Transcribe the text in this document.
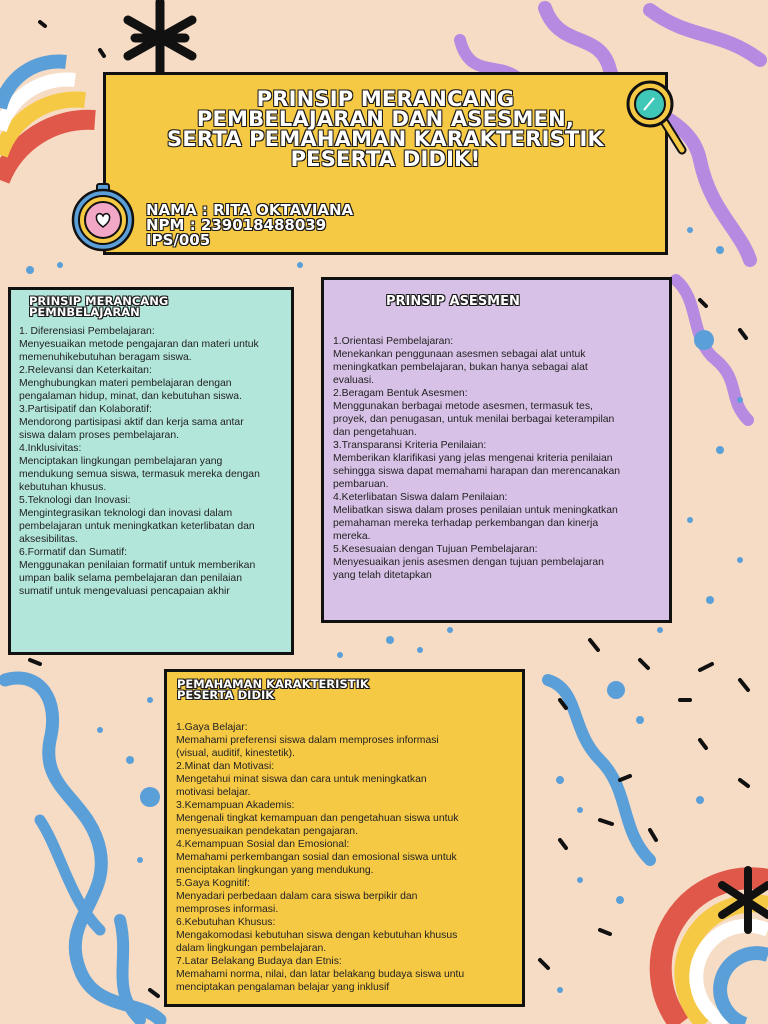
PRINSIP MERANCANG
PEMBELAJARAN DAN ASESMEN,
SERTA PEMAHAMAN KARAKTERISTIK
PESERTA DIDIK!
NAMA : RITA OKTAVIANA
NPM : 239018488039
IPS/005
PRINSIP MERANCANG
PEMNBELAJARAN
1. Diferensiasi Pembelajaran:
Menyesuaikan metode pengajaran dan materi untuk
memenuhikebutuhan beragam siswa.
2.Relevansi dan Keterkaitan:
Menghubungkan materi pembelajaran dengan
pengalaman hidup, minat, dan kebutuhan siswa.
3.Partisipatif dan Kolaboratif:
Mendorong partisipasi aktif dan kerja sama antar
siswa dalam proses pembelajaran.
4.Inklusivitas:
Menciptakan lingkungan pembelajaran yang
mendukung semua siswa, termasuk mereka dengan
kebutuhan khusus.
5.Teknologi dan Inovasi:
Mengintegrasikan teknologi dan inovasi dalam
pembelajaran untuk meningkatkan keterlibatan dan
aksesibilitas.
6.Formatif dan Sumatif:
Menggunakan penilaian formatif untuk memberikan
umpan balik selama pembelajaran dan penilaian
sumatif untuk mengevaluasi pencapaian akhir
PRINSIP ASESMEN
1.Orientasi Pembelajaran:
Menekankan penggunaan asesmen sebagai alat untuk
meningkatkan pembelajaran, bukan hanya sebagai alat
evaluasi.
2.Beragam Bentuk Asesmen:
Menggunakan berbagai metode asesmen, termasuk tes,
proyek, dan penugasan, untuk menilai berbagai keterampilan
dan pengetahuan.
3.Transparansi Kriteria Penilaian:
Memberikan klarifikasi yang jelas mengenai kriteria penilaian
sehingga siswa dapat memahami harapan dan merencanakan
pembaruan.
4.Keterlibatan Siswa dalam Penilaian:
Melibatkan siswa dalam proses penilaian untuk meningkatkan
pemahaman mereka terhadap perkembangan dan kinerja
mereka.
5.Kesesuaian dengan Tujuan Pembelajaran:
Menyesuaikan jenis asesmen dengan tujuan pembelajaran
yang telah ditetapkan
PEMAHAMAN KARAKTERISTIK
PESERTA DIDIK
1.Gaya Belajar:
Memahami preferensi siswa dalam memproses informasi
(visual, auditif, kinestetik).
2.Minat dan Motivasi:
Mengetahui minat siswa dan cara untuk meningkatkan
motivasi belajar.
3.Kemampuan Akademis:
Mengenali tingkat kemampuan dan pengetahuan siswa untuk
menyesuaikan pendekatan pengajaran.
4.Kemampuan Sosial dan Emosional:
Memahami perkembangan sosial dan emosional siswa untuk
menciptakan lingkungan yang mendukung.
5.Gaya Kognitif:
Menyadari perbedaan dalam cara siswa berpikir dan
memproses informasi.
6.Kebutuhan Khusus:
Mengakomodasi kebutuhan siswa dengan kebutuhan khusus
dalam lingkungan pembelajaran.
7.Latar Belakang Budaya dan Etnis:
Memahami norma, nilai, dan latar belakang budaya siswa untu
menciptakan pengalaman belajar yang inklusif
